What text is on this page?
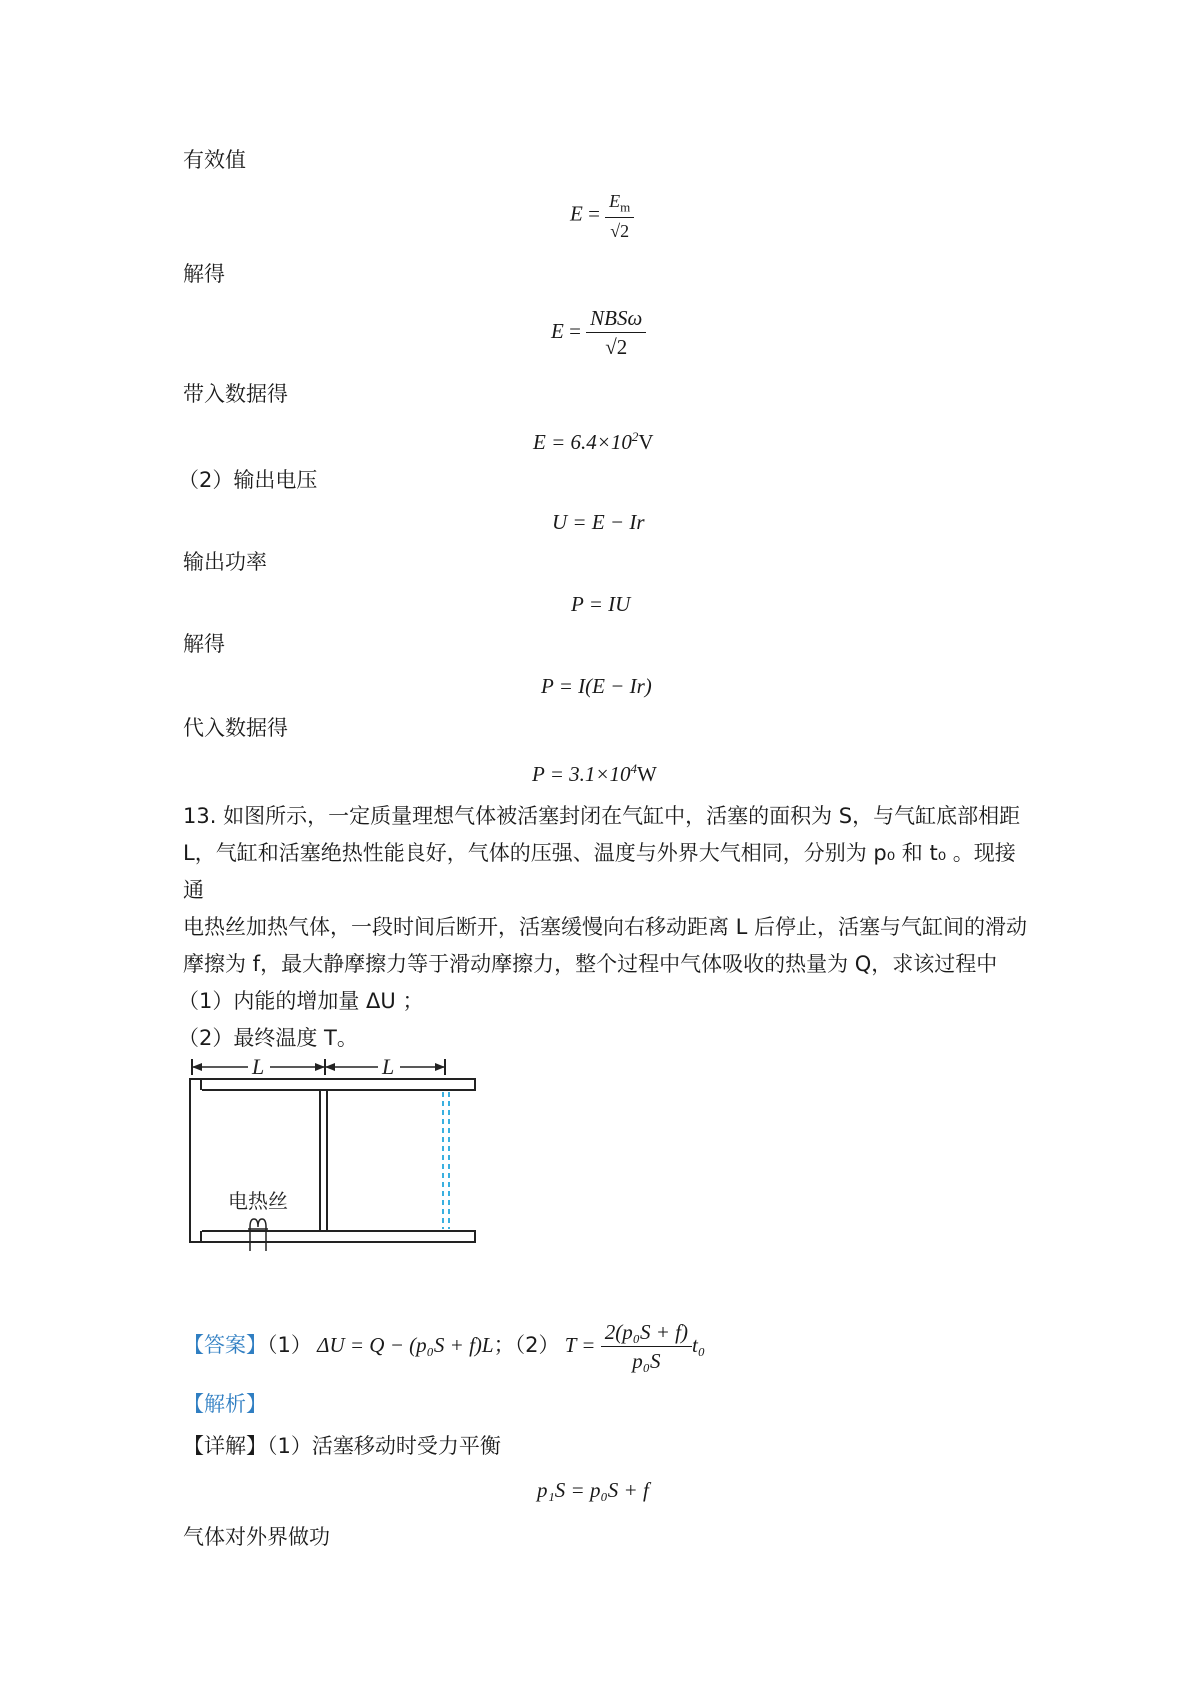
有效值
$E = \frac{E_m}{√2}$
解得
$E = \frac{\text{NBSω}}{√2}$
带入数据得
$E = 6.4\times 10^2V$
（2）输出电压
U = E − Ir
输出功率
P = IU
解得
P = I(E − Ir)
代入数据得
$P = 3.1\times 10^4W$
13. 如图所示，一定质量理想气体被活塞封闭在气缸中，活塞的面积为 S，与气缸底部相距
L，气缸和活塞绝热性能良好，气体的压强、温度与外界大气相同，分别为 p₀ 和 t₀ 。现接通
电热丝加热气体，一段时间后断开，活塞缓慢向右移动距离 L 后停止，活塞与气缸间的滑动
摩擦为 f，最大静摩擦力等于滑动摩擦力，整个过程中气体吸收的热量为 Q，求该过程中
（1）内能的增加量 ΔU ；
（2）最终温度 T。
L	L
电热丝
【答案】（1） ΔU = Q − (p₀S + f)L；（2） $T = \frac{\text{2(p₀S + f)}}{\text{p₀S}} t_0$
【解析】
【详解】（1）活塞移动时受力平衡
p₁S = p₀S + f
气体对外界做功
